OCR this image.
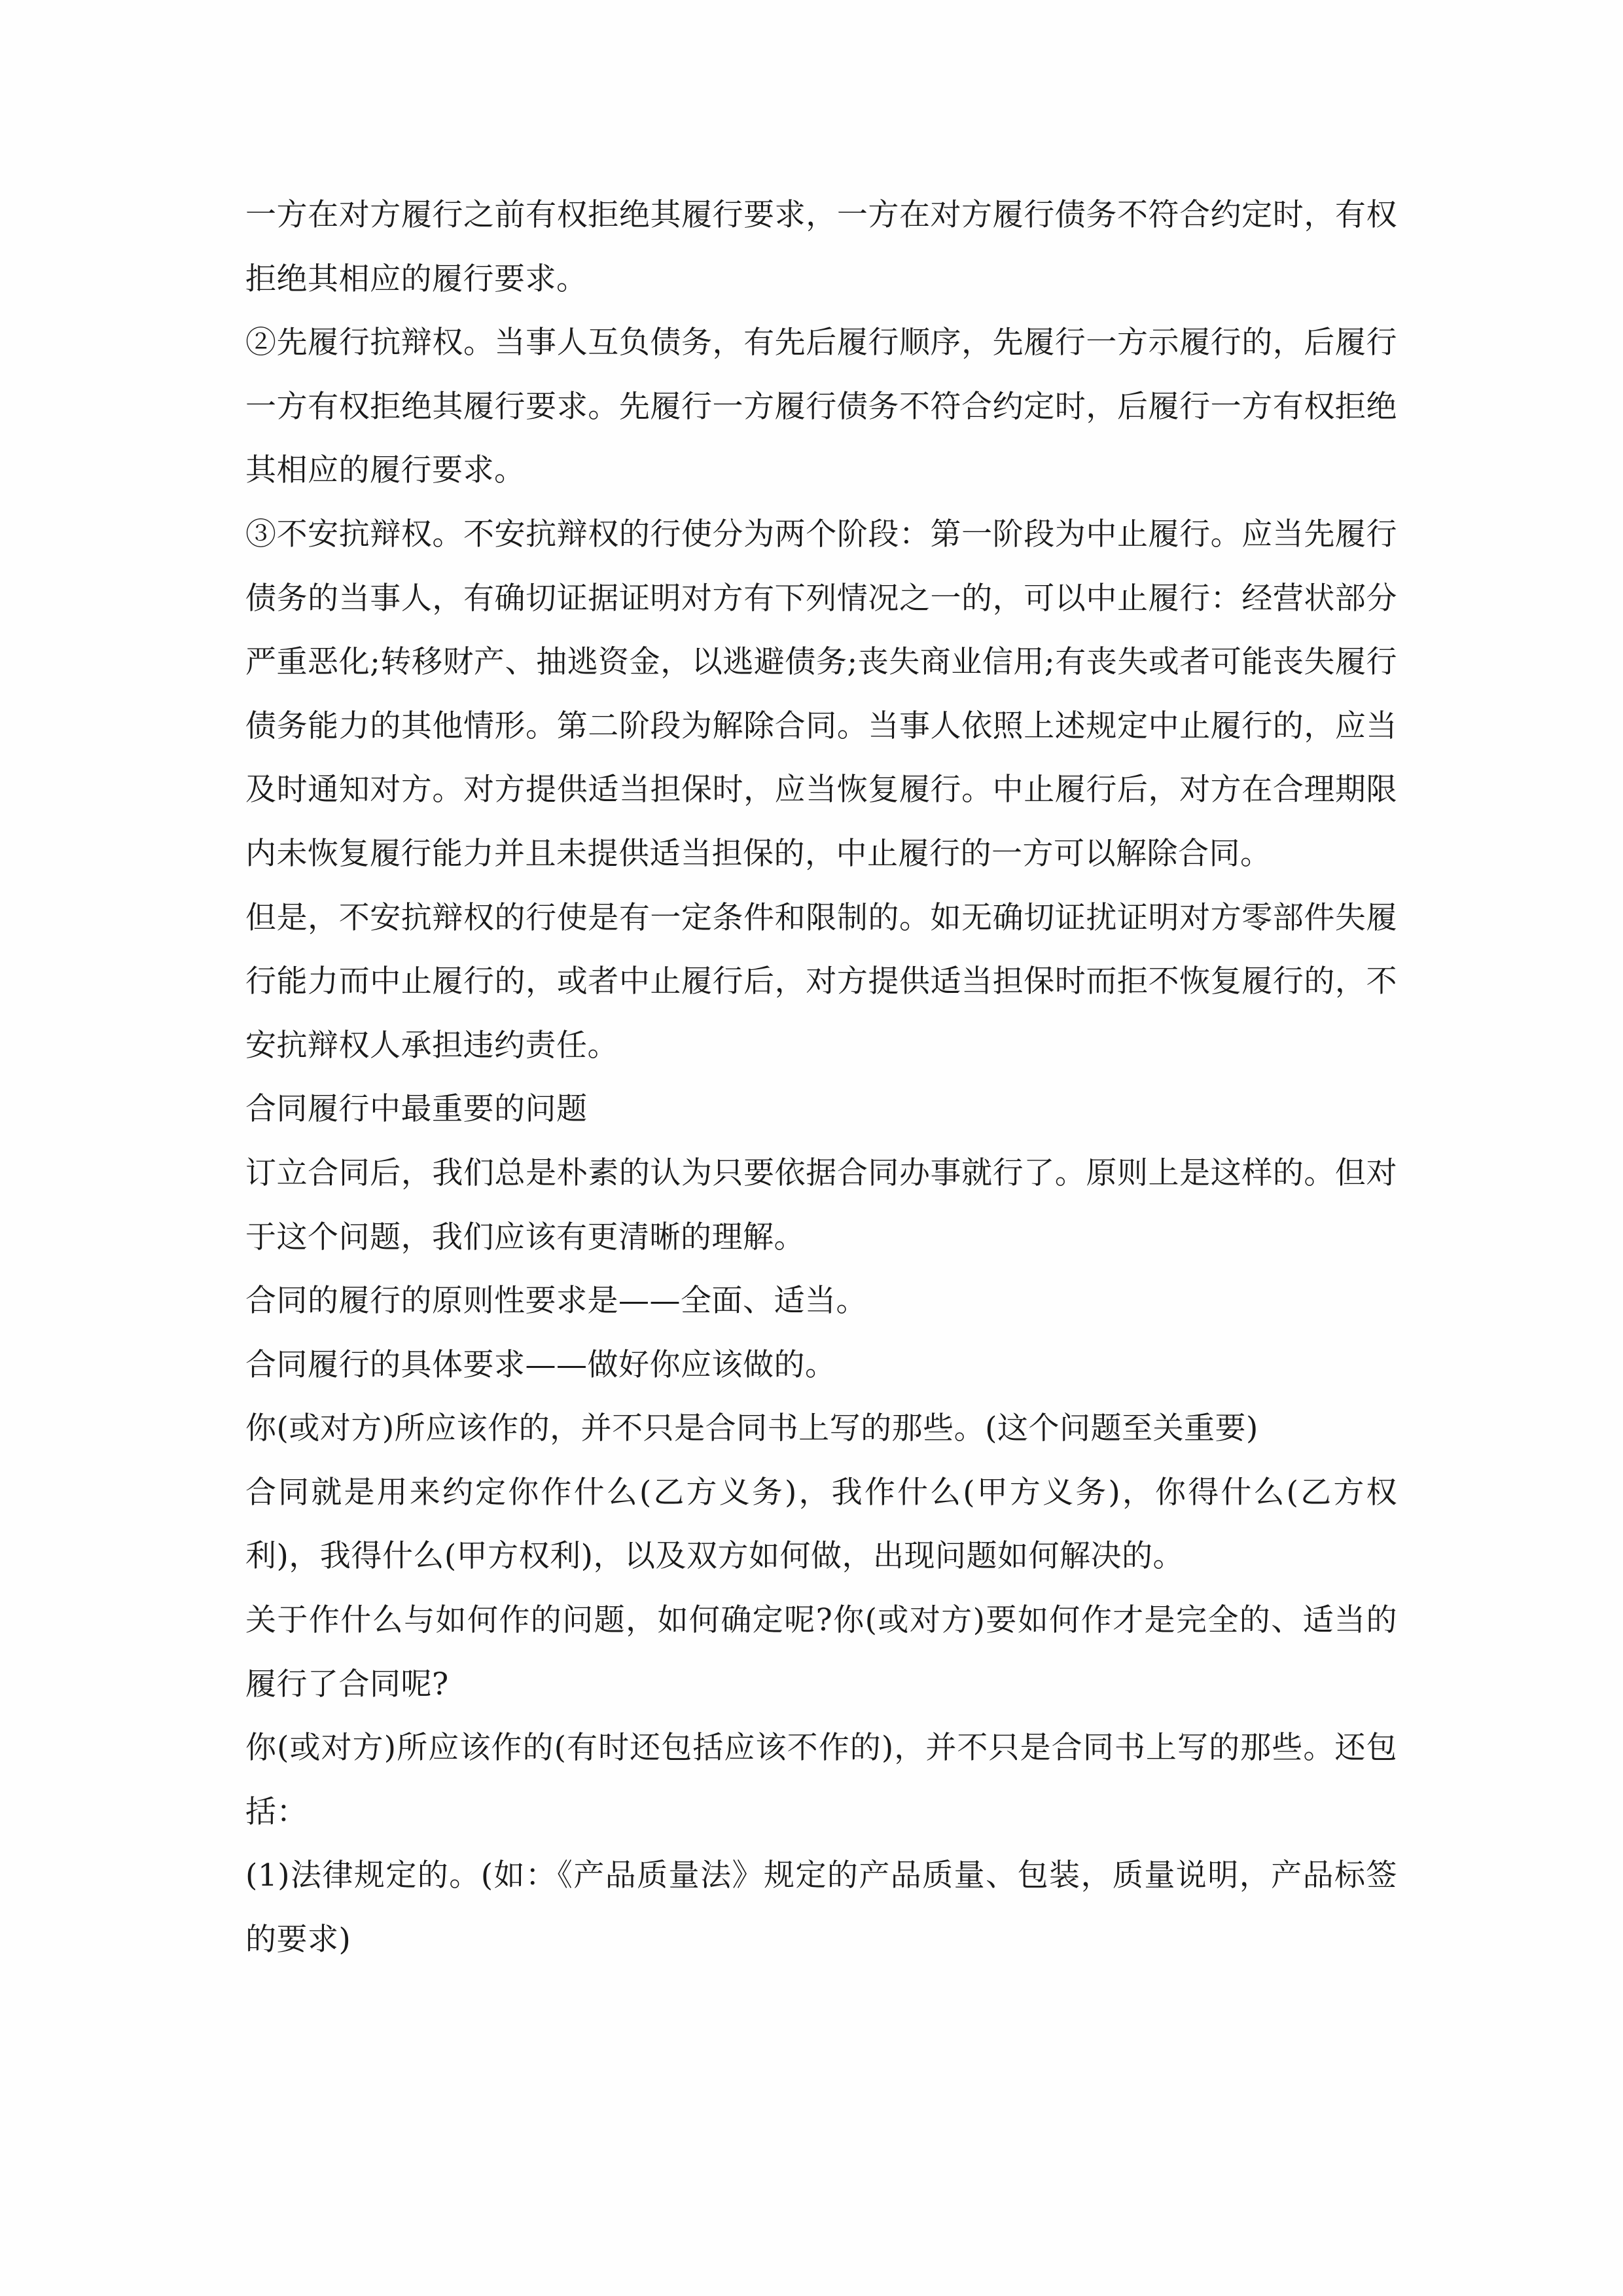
一方在对方履行之前有权拒绝其履行要求，一方在对方履行债务不符合约定时，有权拒绝其相应的履行要求。

②先履行抗辩权。当事人互负债务，有先后履行顺序，先履行一方示履行的，后履行一方有权拒绝其履行要求。先履行一方履行债务不符合约定时，后履行一方有权拒绝其相应的履行要求。

③不安抗辩权。不安抗辩权的行使分为两个阶段：第一阶段为中止履行。应当先履行债务的当事人，有确切证据证明对方有下列情况之一的，可以中止履行：经营状部分严重恶化;转移财产、抽逃资金，以逃避债务;丧失商业信用;有丧失或者可能丧失履行债务能力的其他情形。第二阶段为解除合同。当事人依照上述规定中止履行的，应当及时通知对方。对方提供适当担保时，应当恢复履行。中止履行后，对方在合理期限内未恢复履行能力并且未提供适当担保的，中止履行的一方可以解除合同。

但是，不安抗辩权的行使是有一定条件和限制的。如无确切证扰证明对方零部件失履行能力而中止履行的，或者中止履行后，对方提供适当担保时而拒不恢复履行的，不安抗辩权人承担违约责任。

合同履行中最重要的问题

订立合同后，我们总是朴素的认为只要依据合同办事就行了。原则上是这样的。但对于这个问题，我们应该有更清晰的理解。

合同的履行的原则性要求是——全面、适当。

合同履行的具体要求——做好你应该做的。

你(或对方)所应该作的，并不只是合同书上写的那些。(这个问题至关重要)

合同就是用来约定你作什么(乙方义务)，我作什么(甲方义务)，你得什么(乙方权利)，我得什么(甲方权利)，以及双方如何做，出现问题如何解决的。

关于作什么与如何作的问题，如何确定呢?你(或对方)要如何作才是完全的、适当的履行了合同呢?

你(或对方)所应该作的(有时还包括应该不作的)，并不只是合同书上写的那些。还包括：

(1)法律规定的。(如：《产品质量法》规定的产品质量、包装，质量说明，产品标签的要求)
